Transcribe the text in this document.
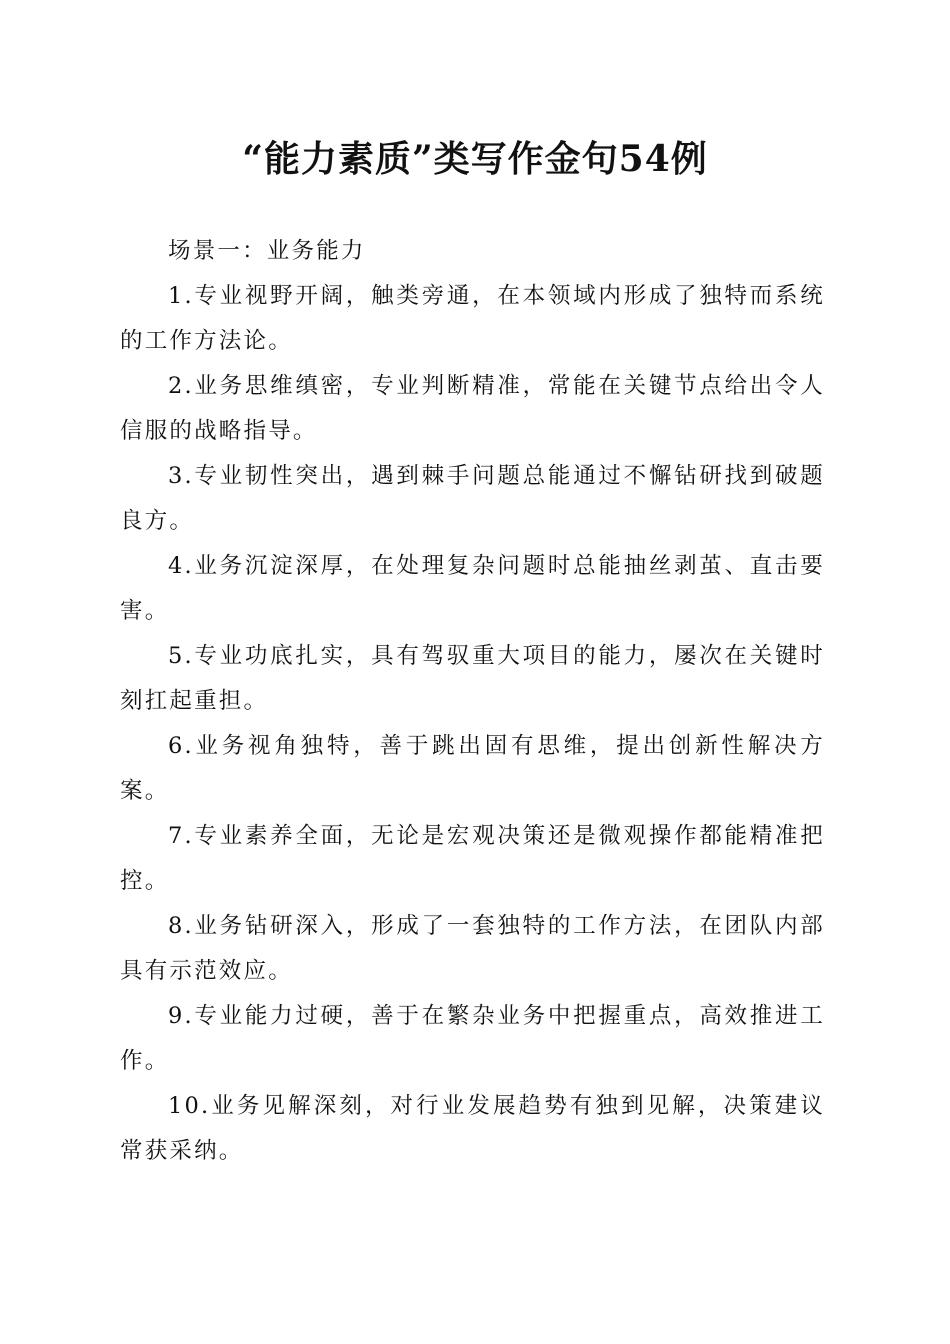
“能力素质”类写作金句54例

场景一：业务能力

1.专业视野开阔，触类旁通，在本领域内形成了独特而系统的工作方法论。

2.业务思维缜密，专业判断精准，常能在关键节点给出令人信服的战略指导。

3.专业韧性突出，遇到棘手问题总能通过不懈钻研找到破题良方。

4.业务沉淀深厚，在处理复杂问题时总能抽丝剥茧、直击要害。

5.专业功底扎实，具有驾驭重大项目的能力，屡次在关键时刻扛起重担。

6.业务视角独特，善于跳出固有思维，提出创新性解决方案。

7.专业素养全面，无论是宏观决策还是微观操作都能精准把控。

8.业务钻研深入，形成了一套独特的工作方法，在团队内部具有示范效应。

9.专业能力过硬，善于在繁杂业务中把握重点，高效推进工作。

10.业务见解深刻，对行业发展趋势有独到见解，决策建议常获采纳。
